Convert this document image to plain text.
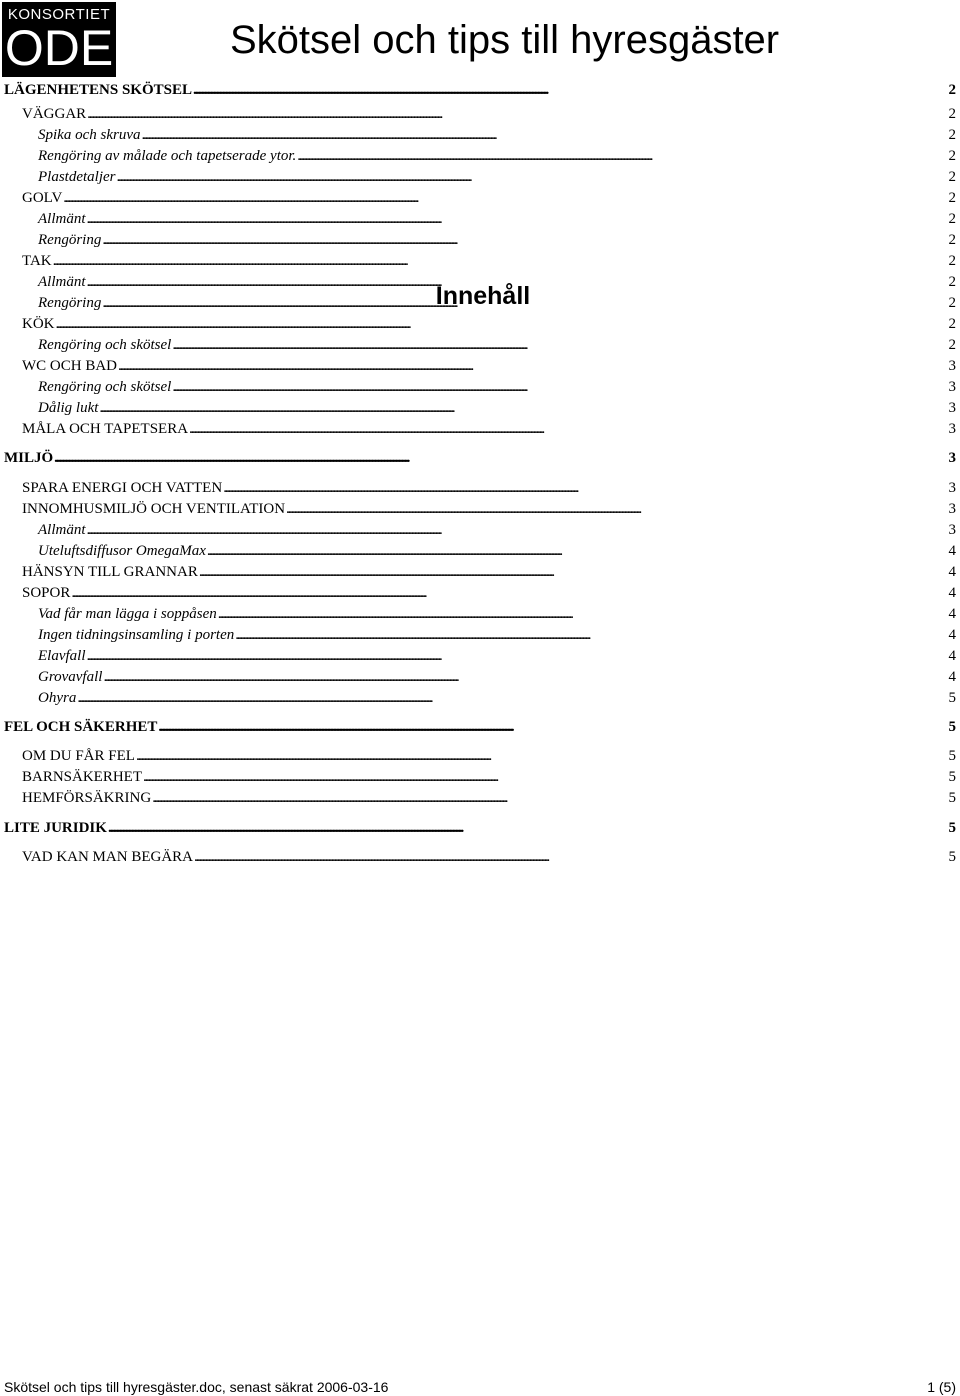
KONSORTIET
ODE	Skötsel och tips till hyresgäster
Innehåll
LÄGENHETENS SKÖTSEL . . .	2
VÄGGAR . . .	2
Spika och skruva . . .	2
Rengöring av målade och tapetserade ytor. . . .	2
Plastdetaljer . . .	2
GOLV . . .	2
Allmänt . . .	2
Rengöring . . .	2
TAK . . .	2
Allmänt . . .	2
Rengöring . . .	2
KÖK . . .	2
Rengöring och skötsel . . .	2
WC OCH BAD . . .	3
Rengöring och skötsel . . .	3
Dålig lukt . . .	3
MÅLA OCH TAPETSERA . . .	3
MILJÖ . . .	3
SPARA ENERGI OCH VATTEN . . .	3
INNOMHUSMILJÖ OCH VENTILATION . . .	3
Allmänt . . .	3
Uteluftsdiffusor OmegaMax . . .	4
HÄNSYN TILL GRANNAR . . .	4
SOPOR . . .	4
Vad får man lägga i soppåsen . . .	4
Ingen tidningsinsamling i porten . . .	4
Elavfall . . .	4
Grovavfall . . .	4
Ohyra . . .	5
FEL OCH SÄKERHET . . .	5
OM DU FÅR FEL . . .	5
BARNSÄKERHET . . .	5
HEMFÖRSÄKRING . . .	5
LITE JURIDIK . . .	5
VAD KAN MAN BEGÄRA . . .	5
Skötsel och tips till hyresgäster.doc, senast säkrat 2006-03-16	1 (5)
